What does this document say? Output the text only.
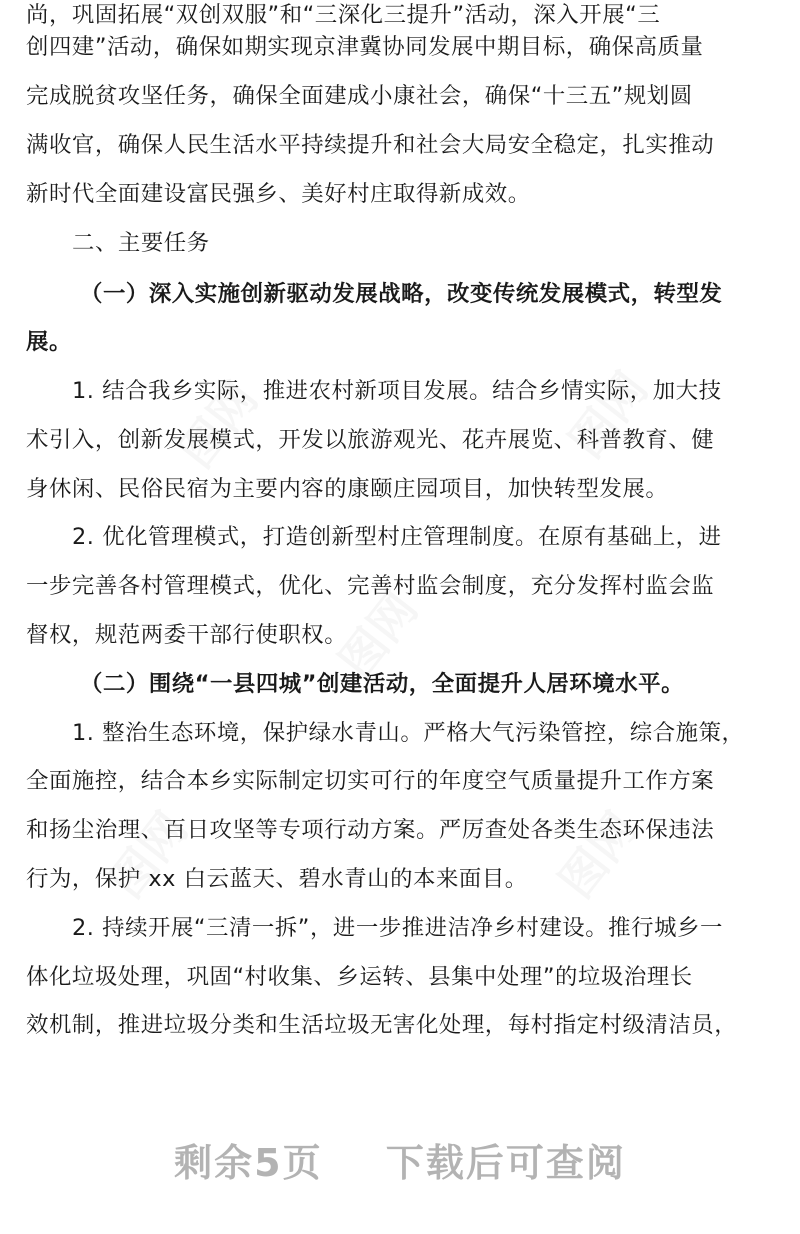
图网	图网
图网
图网	图网
尚，巩固拓展“双创双服”和“三深化三提升”活动，深入开展“三
创四建”活动，确保如期实现京津冀协同发展中期目标，确保高质量
完成脱贫攻坚任务，确保全面建成小康社会，确保“十三五”规划圆
满收官，确保人民生活水平持续提升和社会大局安全稳定，扎实推动
新时代全面建设富民强乡、美好村庄取得新成效。
二、主要任务
（一）深入实施创新驱动发展战略，改变传统发展模式，转型发
展。
1. 结合我乡实际，推进农村新项目发展。结合乡情实际，加大技
术引入，创新发展模式，开发以旅游观光、花卉展览、科普教育、健
身休闲、民俗民宿为主要内容的康颐庄园项目，加快转型发展。
2. 优化管理模式，打造创新型村庄管理制度。在原有基础上，进
一步完善各村管理模式，优化、完善村监会制度，充分发挥村监会监
督权，规范两委干部行使职权。
（二）围绕“一县四城”创建活动，全面提升人居环境水平。
1. 整治生态环境，保护绿水青山。严格大气污染管控，综合施策，
全面施控，结合本乡实际制定切实可行的年度空气质量提升工作方案
和扬尘治理、百日攻坚等专项行动方案。严厉查处各类生态环保违法
行为，保护 xx 白云蓝天、碧水青山的本来面目。
2. 持续开展“三清一拆”，进一步推进洁净乡村建设。推行城乡一
体化垃圾处理，巩固“村收集、乡运转、县集中处理”的垃圾治理长
效机制，推进垃圾分类和生活垃圾无害化处理，每村指定村级清洁员，
剩余5页 下载后可查阅
